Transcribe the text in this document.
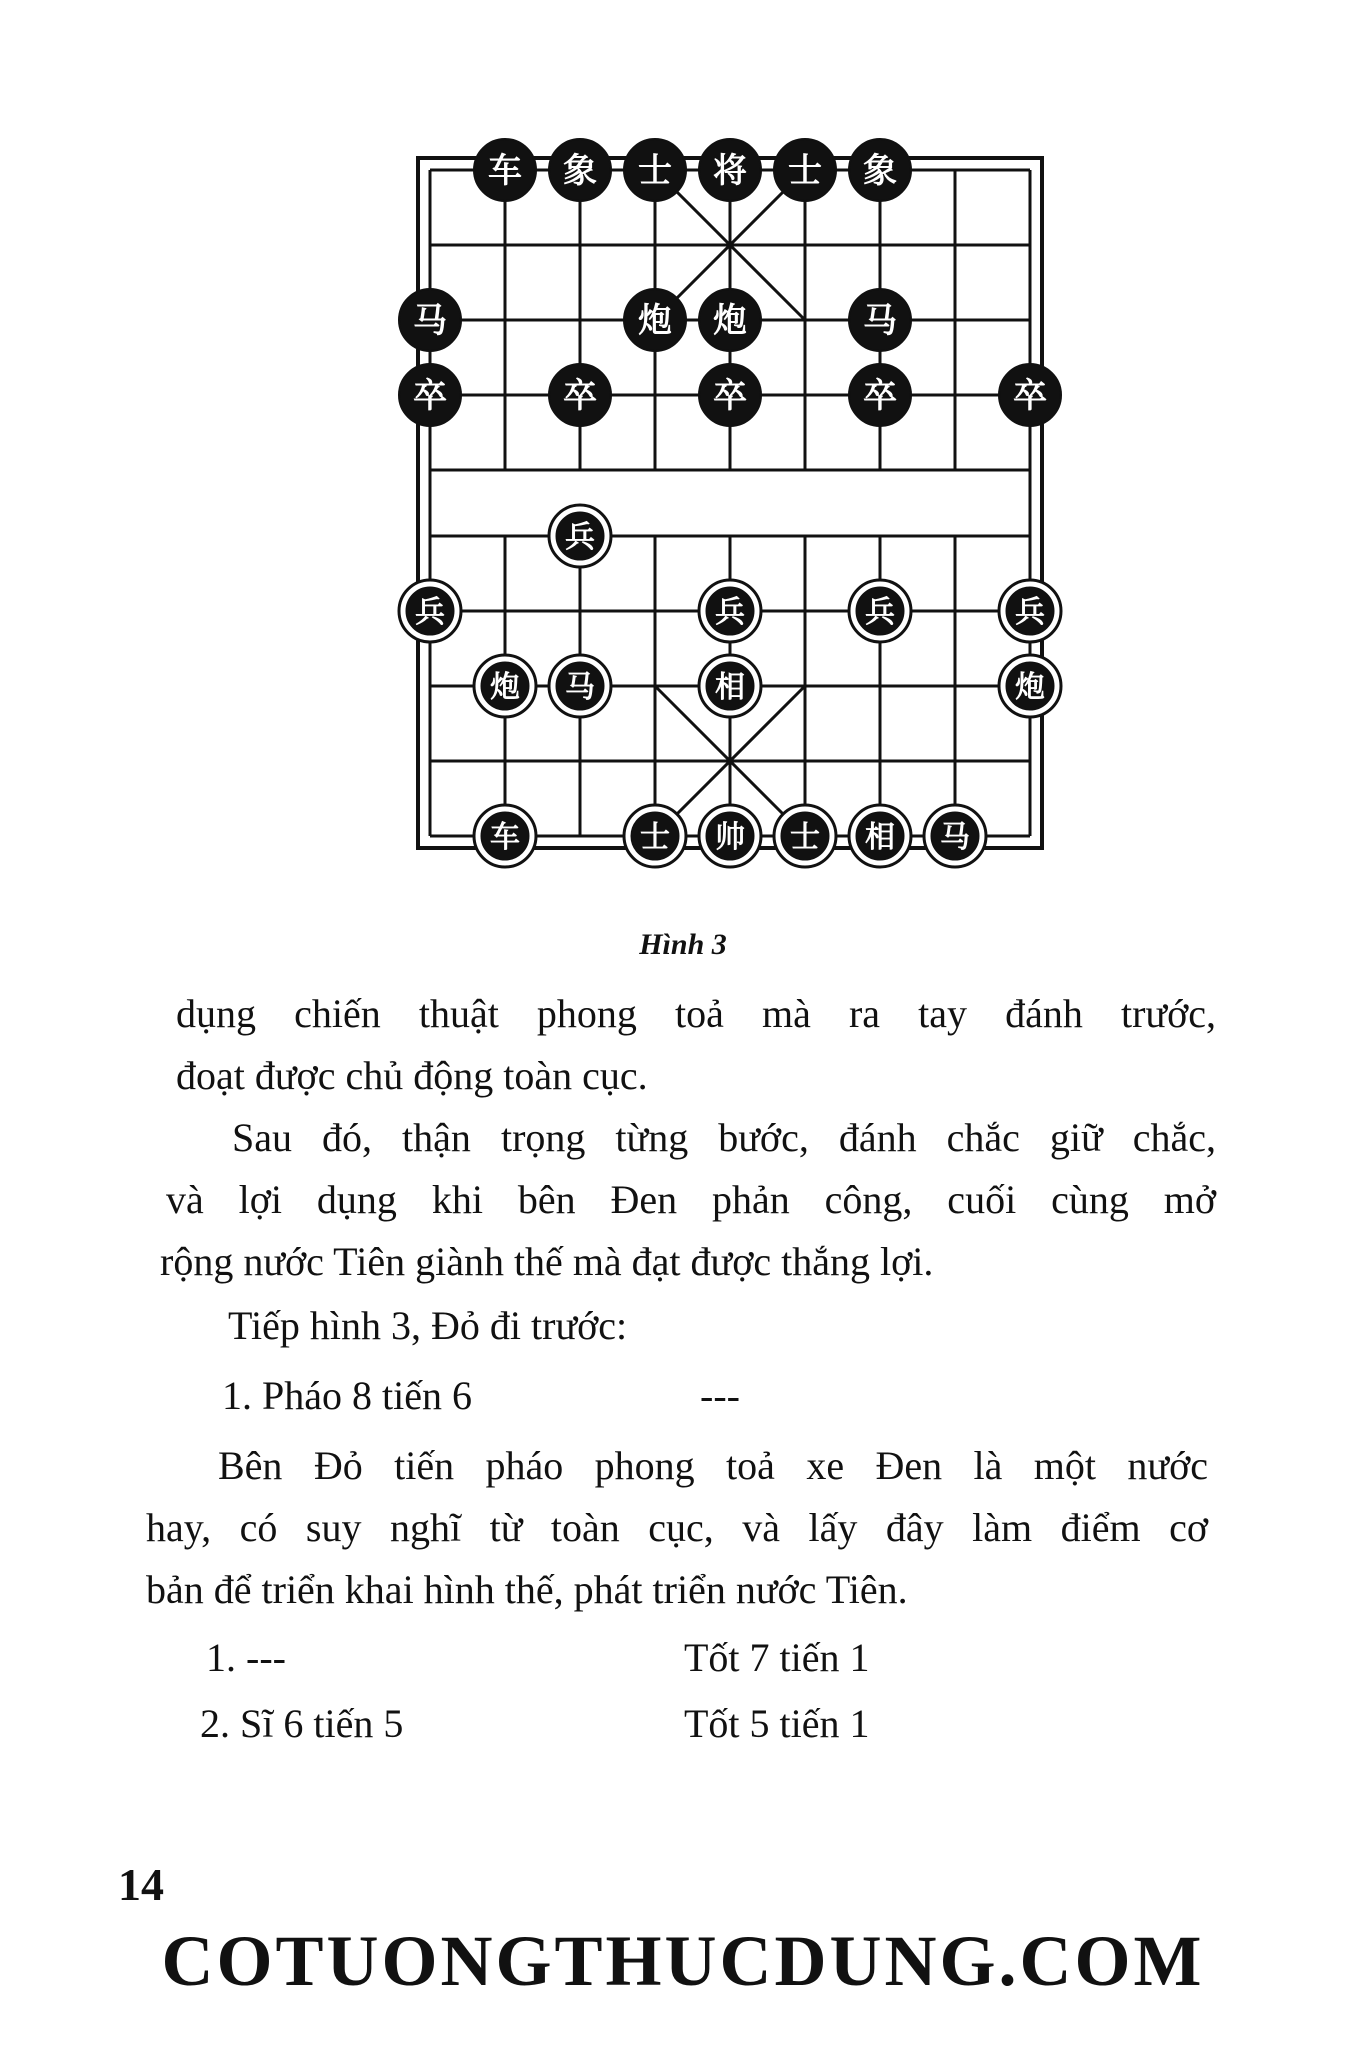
车 象 士 将 士 象
马	炮 炮	马
卒	卒	卒	卒	卒
兵
兵	兵	兵	兵
炮 马	相	炮
车	士 帅 士 相 马
Hình 3
dụng chiến thuật phong toả mà ra tay đánh trước,
đoạt được chủ động toàn cục.
Sau đó, thận trọng từng bước, đánh chắc giữ chắc,
và lợi dụng khi bên Đen phản công, cuối cùng mở
rộng nước Tiên giành thế mà đạt được thắng lợi.
Tiếp hình 3, Đỏ đi trước:
1. Pháo 8 tiến 6	---
Bên Đỏ tiến pháo phong toả xe Đen là một nước
hay, có suy nghĩ từ toàn cục, và lấy đây làm điểm cơ
bản để triển khai hình thế, phát triển nước Tiên.
1. ---	Tốt 7 tiến 1
2. Sĩ 6 tiến 5	Tốt 5 tiến 1
14
COTUONGTHUCDUNG.COM
